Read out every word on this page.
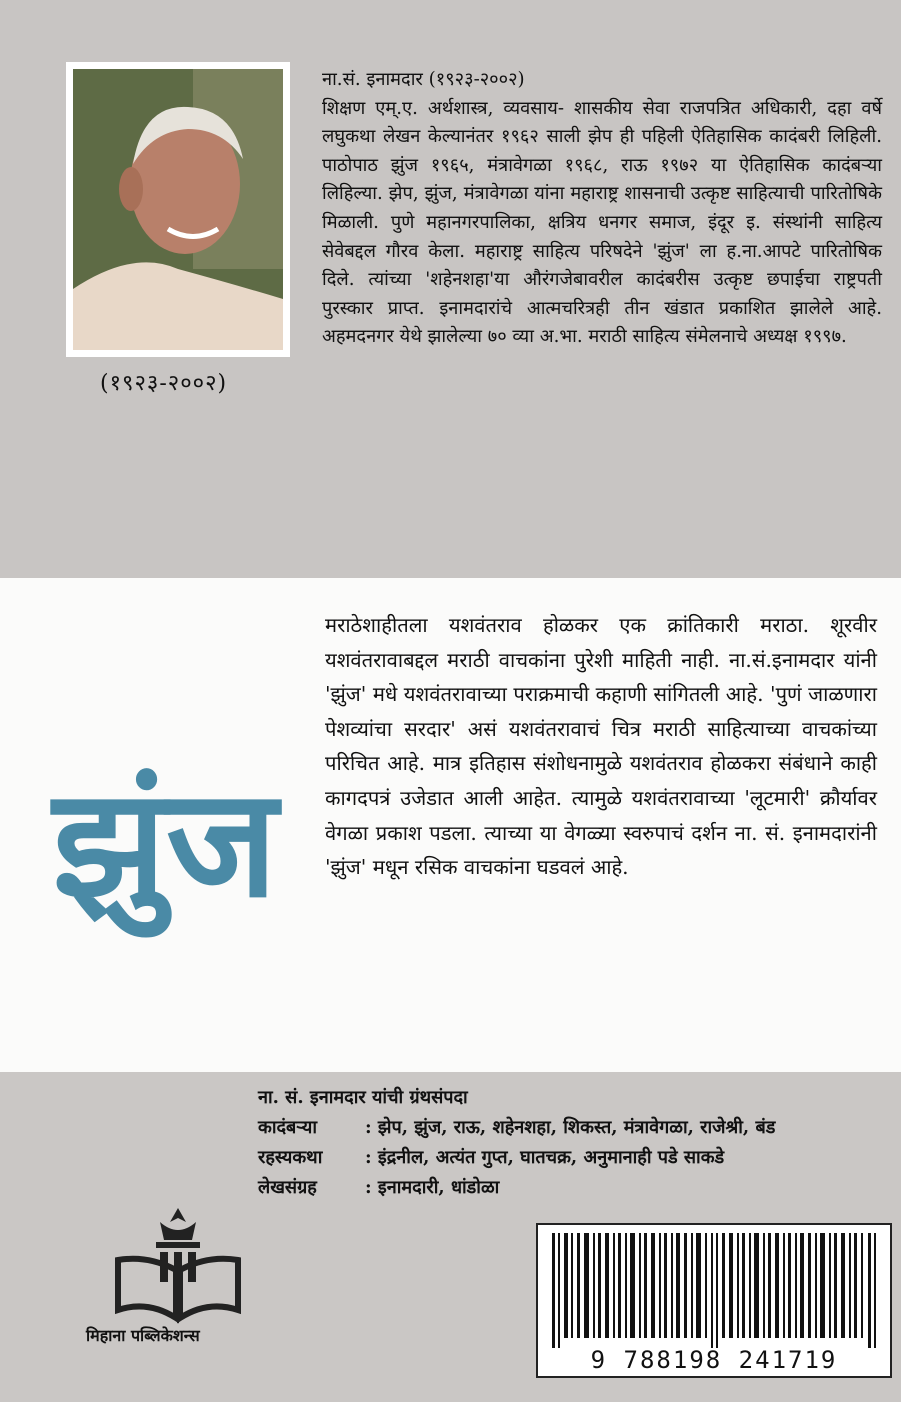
(१९२३-२००२)

ना.सं. इनामदार (१९२३-२००२)

शिक्षण एम्.ए. अर्थशास्त्र, व्यवसाय- शासकीय सेवा राजपत्रित अधिकारी, दहा वर्षे लघुकथा लेखन केल्यानंतर १९६२ साली झेप ही पहिली ऐतिहासिक कादंबरी लिहिली. पाठोपाठ झुंज १९६५, मंत्रावेगळा १९६८, राऊ १९७२ या ऐतिहासिक कादंबऱ्या लिहिल्या. झेप, झुंज, मंत्रावेगळा यांना महाराष्ट्र शासनाची उत्कृष्ट साहित्याची पारितोषिके मिळाली. पुणे महानगरपालिका, क्षत्रिय धनगर समाज, इंदूर इ. संस्थांनी साहित्य सेवेबद्दल गौरव केला. महाराष्ट्र साहित्य परिषदेने 'झुंज' ला ह.ना.आपटे पारितोषिक दिले. त्यांच्या 'शहेनशहा'या औरंगजेबावरील कादंबरीस उत्कृष्ट छपाईचा राष्ट्रपती पुरस्कार प्राप्त. इनामदारांचे आत्मचरित्रही तीन खंडात प्रकाशित झालेले आहे. अहमदनगर येथे झालेल्या ७० व्या अ.भा. मराठी साहित्य संमेलनाचे अध्यक्ष १९९७.

झुंज

मराठेशाहीतला यशवंतराव होळकर एक क्रांतिकारी मराठा. शूरवीर यशवंतरावाबद्दल मराठी वाचकांना पुरेशी माहिती नाही. ना.सं.इनामदार यांनी 'झुंज' मधे यशवंतरावाच्या पराक्रमाची कहाणी सांगितली आहे. 'पुणं जाळणारा पेशव्यांचा सरदार' असं यशवंतरावाचं चित्र मराठी साहित्याच्या वाचकांच्या परिचित आहे. मात्र इतिहास संशोधनामुळे यशवंतराव होळकरा संबंधाने काही कागदपत्रं उजेडात आली आहेत. त्यामुळे यशवंतरावाच्या 'लूटमारी' क्रौर्यावर वेगळा प्रकाश पडला. त्याच्या या वेगळ्या स्वरुपाचं दर्शन ना. सं. इनामदारांनी 'झुंज' मधून रसिक वाचकांना घडवलं आहे.

ना. सं. इनामदार यांची ग्रंथसंपदा
कादंबऱ्या	: झेप, झुंज, राऊ, शहेनशहा, शिकस्त, मंत्रावेगळा, राजेश्री, बंड
रहस्यकथा : इंद्रनील, अत्यंत गुप्त, घातचक्र, अनुमानाही पडे साकडे
लेखसंग्रह	: इनामदारी, धांडोळा
मिहाना पब्लिकेशन्स
9 788198 241719
